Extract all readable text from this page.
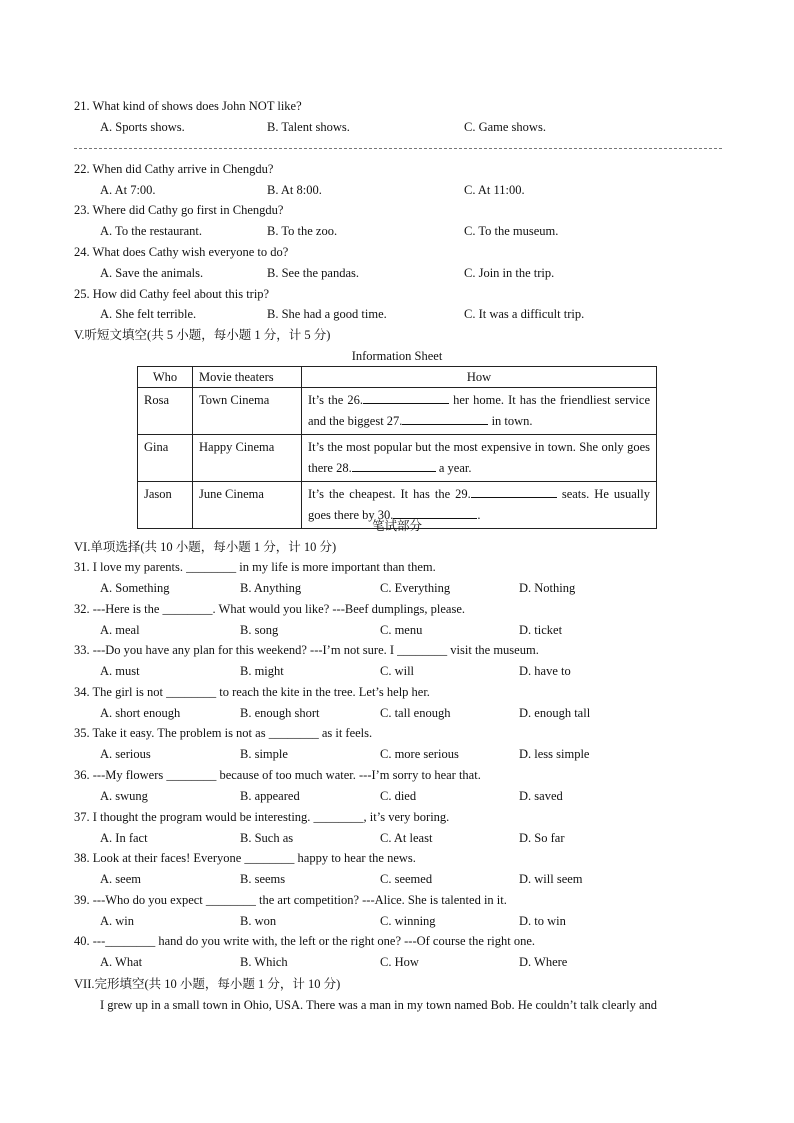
21. What kind of shows does John NOT like?
A. Sports shows.	B. Talent shows.	C. Game shows.
22. When did Cathy arrive in Chengdu?
A. At 7:00.	B. At 8:00.	C. At 11:00.
23. Where did Cathy go first in Chengdu?
A. To the restaurant.	B. To the zoo.	C. To the museum.
24. What does Cathy wish everyone to do?
A. Save the animals.	B. See the pandas.	C. Join in the trip.
25. How did Cathy feel about this trip?
A. She felt terrible.	B. She had a good time.	C. It was a difficult trip.
V.听短文填空(共 5 小题，每小题 1 分，计 5 分)
Information Sheet
Who	Movie theaters	How
Rosa	Town Cinema	It’s the 26. her home. It has the friendliest service and the biggest 27. in town.
Gina	Happy Cinema	It’s the most popular but the most expensive in town. She only goes there 28. a year.
Jason	June Cinema	It’s the cheapest. It has the 29. seats. He usually goes there by 30. .
笔试部分
VI.单项选择(共 10 小题，每小题 1 分，计 10 分)
31. I love my parents. ________ in my life is more important than them.
A. Something	B. Anything	C. Everything	D. Nothing
32. ---Here is the ________. What would you like? ---Beef dumplings, please.
A. meal	B. song	C. menu	D. ticket
33. ---Do you have any plan for this weekend? ---I’m not sure. I ________ visit the museum.
A. must	B. might	C. will	D. have to
34. The girl is not ________ to reach the kite in the tree. Let’s help her.
A. short enough	B. enough short	C. tall enough	D. enough tall
35. Take it easy. The problem is not as ________ as it feels.
A. serious	B. simple	C. more serious	D. less simple
36. ---My flowers ________ because of too much water. ---I’m sorry to hear that.
A. swung	B. appeared	C. died	D. saved
37. I thought the program would be interesting. ________, it’s very boring.
A. In fact	B. Such as	C. At least	D. So far
38. Look at their faces! Everyone ________ happy to hear the news.
A. seem	B. seems	C. seemed	D. will seem
39. ---Who do you expect ________ the art competition? ---Alice. She is talented in it.
A. win	B. won	C. winning	D. to win
40. ---________ hand do you write with, the left or the right one? ---Of course the right one.
A. What	B. Which	C. How	D. Where
VII.完形填空(共 10 小题，每小题 1 分，计 10 分)
I grew up in a small town in Ohio, USA. There was a man in my town named Bob. He couldn’t talk clearly and
